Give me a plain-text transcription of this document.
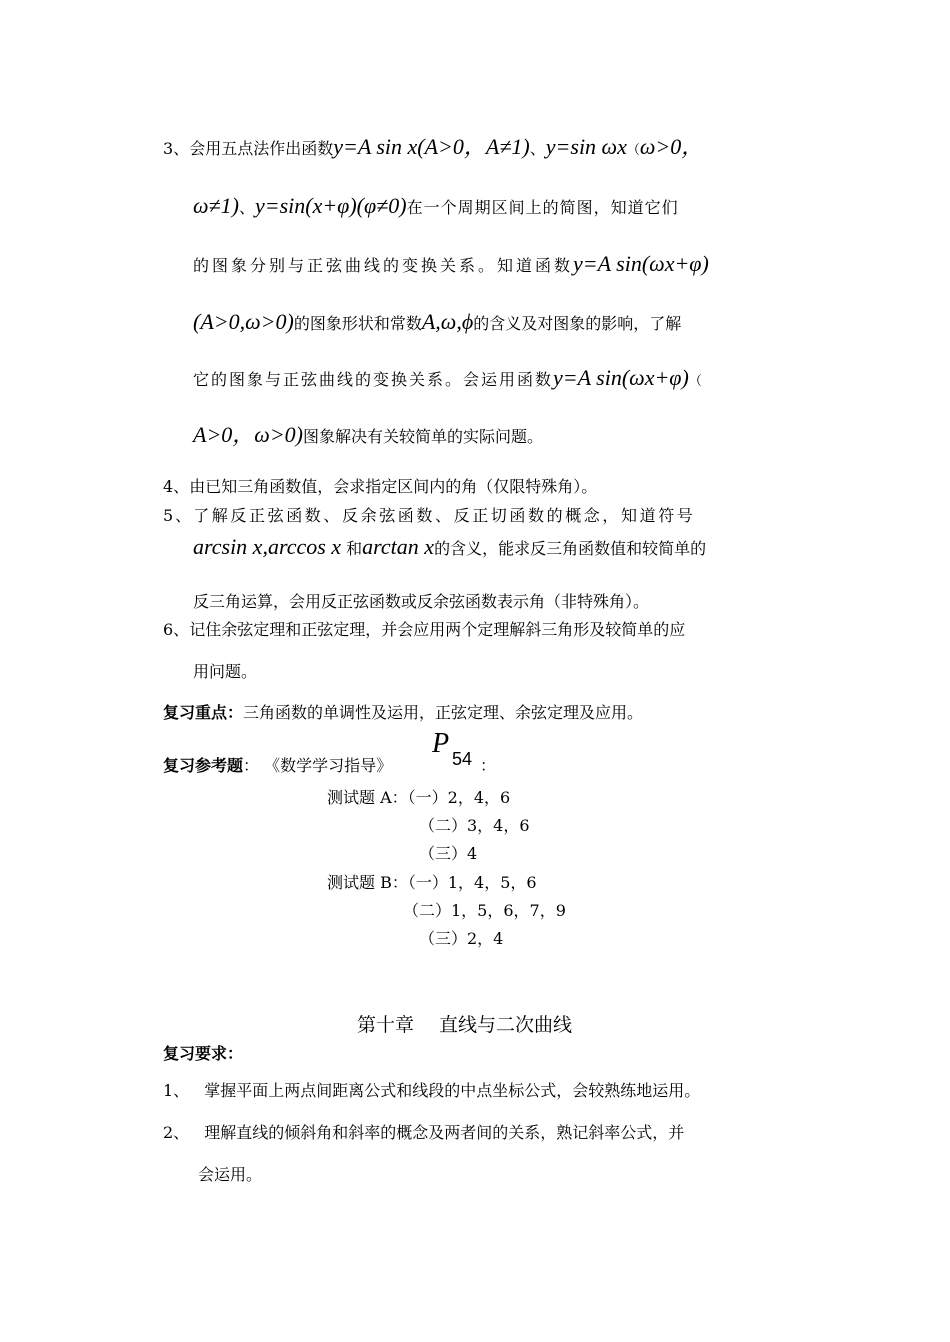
3、会用五点法作出函数y=A sin x(A>0，A≠1)、y=sin ωx（ω>0，
ω≠1)、y=sin(x+φ)(φ≠0)在一个周期区间上的简图，知道它们
的图象分别与正弦曲线的变换关系。知道函数y=A sin(ωx+φ)
(A>0,ω>0)的图象形状和常数A,ω,ϕ的含义及对图象的影响，了解
它的图象与正弦曲线的变换关系。会运用函数y=A sin(ωx+φ)（
A>0，ω>0)图象解决有关较简单的实际问题。
4、由已知三角函数值，会求指定区间内的角（仅限特殊角）。
5、了解反正弦函数、反余弦函数、反正切函数的概念，知道符号
arcsin x,arccos x 和arctan x的含义，能求反三角函数值和较简单的
反三角运算，会用反正弦函数或反余弦函数表示角（非特殊角）。
6、记住余弦定理和正弦定理，并会应用两个定理解斜三角形及较简单的应
用问题。
复习重点：三角函数的单调性及运用，正弦定理、余弦定理及应用。
复习参考题： 《数学学习指导》
P 54 ：
测试题 A：（一）2，4，6
（二）3，4，6
（三）4
测试题 B：（一）1，4，5，6
（二）1，5，6，7，9
（三）2，4
第十章　 直线与二次曲线
复习要求：
1、 掌握平面上两点间距离公式和线段的中点坐标公式，会较熟练地运用。
2、 理解直线的倾斜角和斜率的概念及两者间的关系，熟记斜率公式，并
会运用。
